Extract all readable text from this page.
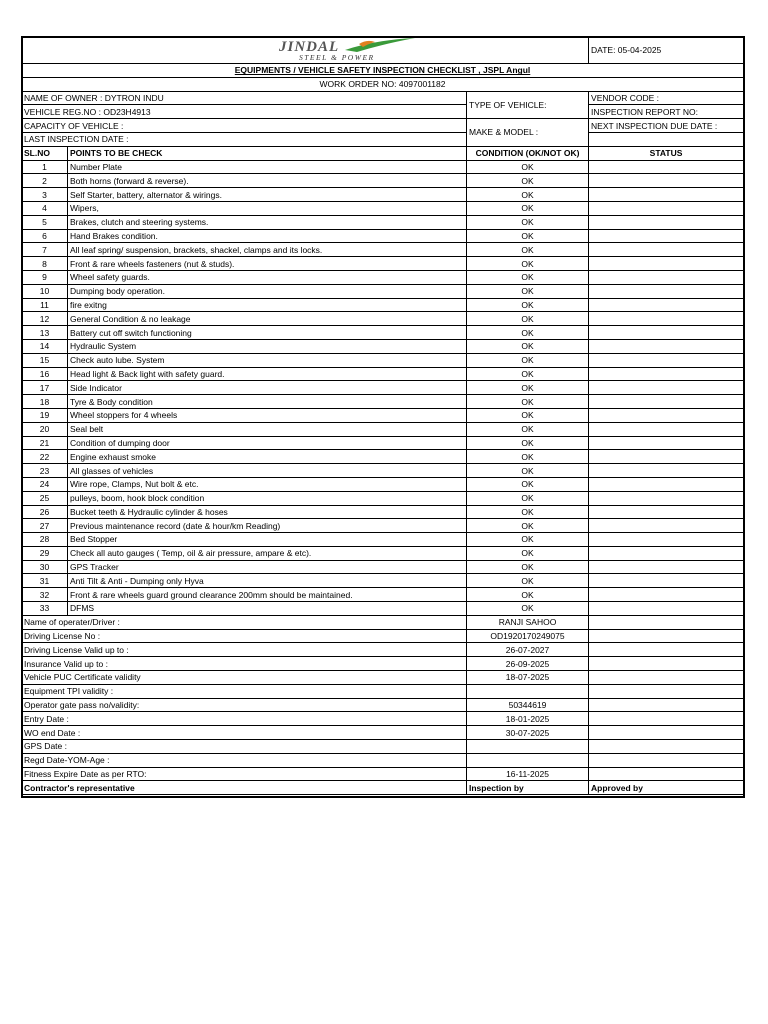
JINDAL
STEEL & POWER			DATE: 05-04-2025
EQUIPMENTS / VEHICLE SAFETY INSPECTION CHECKLIST , JSPL Angul			
WORK ORDER NO: 4097001182			
NAME OF OWNER : DYTRON INDU		TYPE OF VEHICLE:	VENDOR CODE :
VEHICLE REG.NO : OD23H4913			INSPECTION REPORT NO:
CAPACITY OF VEHICLE :		MAKE & MODEL :	NEXT INSPECTION DUE DATE :
LAST INSPECTION DATE :			
SL.NO	POINTS TO BE CHECK	CONDITION (OK/NOT OK)	STATUS
1	Number Plate	OK	
2	Both horns (forward & reverse).	OK	
3	Self Starter, battery, alternator & wirings.	OK	
4	Wipers,	OK	
5	Brakes, clutch and steering systems.	OK	
6	Hand Brakes condition.	OK	
7	All leaf spring/ suspension, brackets, shackel, clamps and its locks.	OK	
8	Front & rare wheels fasteners (nut & studs).	OK	
9	Wheel safety guards.	OK	
10	Dumping body operation.	OK	
11	fire exitng	OK	
12	General Condition & no leakage	OK	
13	Battery cut off switch functioning	OK	
14	Hydraulic System	OK	
15	Check auto lube. System	OK	
16	Head light & Back light with safety guard.	OK	
17	Side Indicator	OK	
18	Tyre & Body condition	OK	
19	Wheel stoppers for 4 wheels	OK	
20	Seal belt	OK	
21	Condition of dumping door	OK	
22	Engine exhaust smoke	OK	
23	All glasses of vehicles	OK	
24	Wire rope, Clamps, Nut bolt & etc.	OK	
25	pulleys, boom, hook block condition	OK	
26	Bucket teeth & Hydraulic cylinder & hoses	OK	
27	Previous maintenance record (date & hour/km Reading)	OK	
28	Bed Stopper	OK	
29	Check all auto gauges ( Temp, oil & air pressure, ampare & etc).	OK	
30	GPS Tracker	OK	
31	Anti Tilt & Anti - Dumping only Hyva	OK	
32	Front & rare wheels guard ground clearance 200mm should be maintained.	OK	
33	DFMS	OK	
Name of operater/Driver :		RANJI SAHOO	
Driving License No :		OD1920170249075	
Driving License Valid up to :		26-07-2027	
Insurance Valid up to :		26-09-2025	
Vehicle PUC Certificate validity		18-07-2025	
Equipment TPI validity :			
Operator gate pass no/validity:		50344619	
Entry Date :		18-01-2025	
WO end Date :		30-07-2025	
GPS Date :			
Regd Date-YOM-Age :			
Fitness Expire Date as per RTO:		16-11-2025	
Contractor's representative		Inspection by	Approved by
